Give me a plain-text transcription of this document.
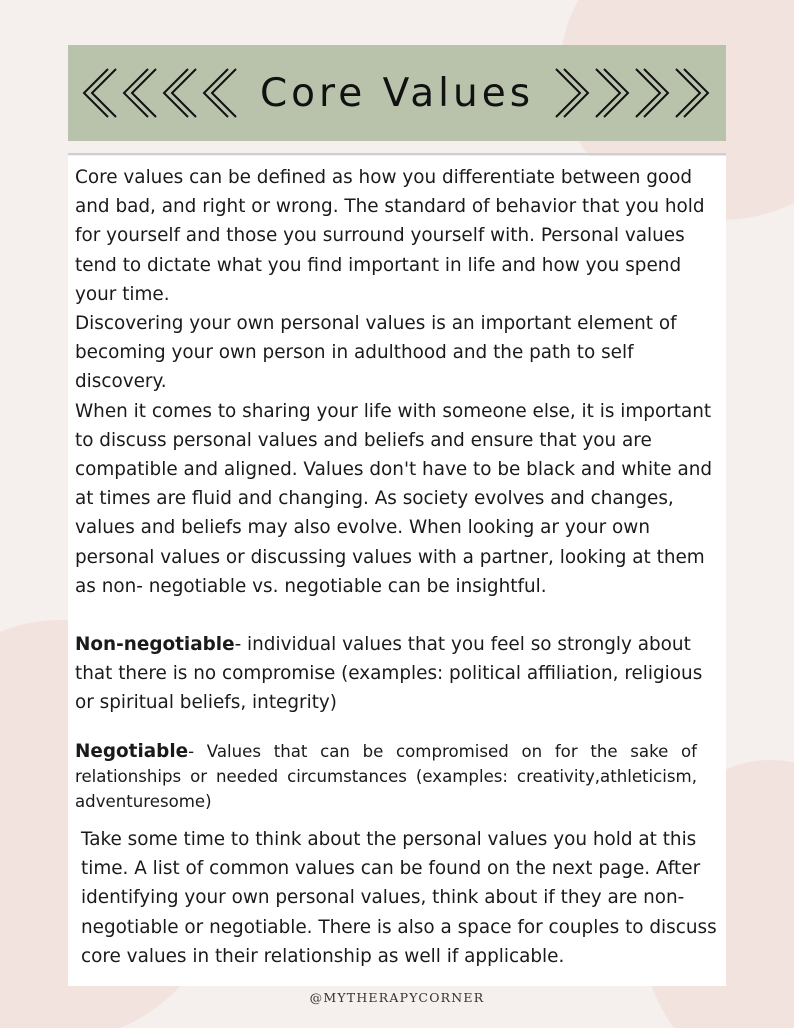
Core Values

Core values can be defined as how you differentiate between good and bad, and right or wrong. The standard of behavior that you hold for yourself and those you surround yourself with. Personal values tend to dictate what you find important in life and how you spend your time.

Discovering your own personal values is an important element of becoming your own person in adulthood and the path to self discovery.

When it comes to sharing your life with someone else, it is important to discuss personal values and beliefs and ensure that you are compatible and aligned. Values don't have to be black and white and at times are fluid and changing. As society evolves and changes, values and beliefs may also evolve. When looking ar your own personal values or discussing values with a partner, looking at them as non- negotiable vs. negotiable can be insightful.

Non-negotiable- individual values that you feel so strongly about that there is no compromise (examples: political affiliation, religious or spiritual beliefs, integrity)

Negotiable- Values that can be compromised on for the sake of relationships or needed circumstances (examples: creativity,athleticism, adventuresome)

Take some time to think about the personal values you hold at this time. A list of common values can be found on the next page. After identifying your own personal values, think about if they are non-negotiable or negotiable. There is also a space for couples to discuss core values in their relationship as well if applicable.

@MYTHERAPYCORNER
